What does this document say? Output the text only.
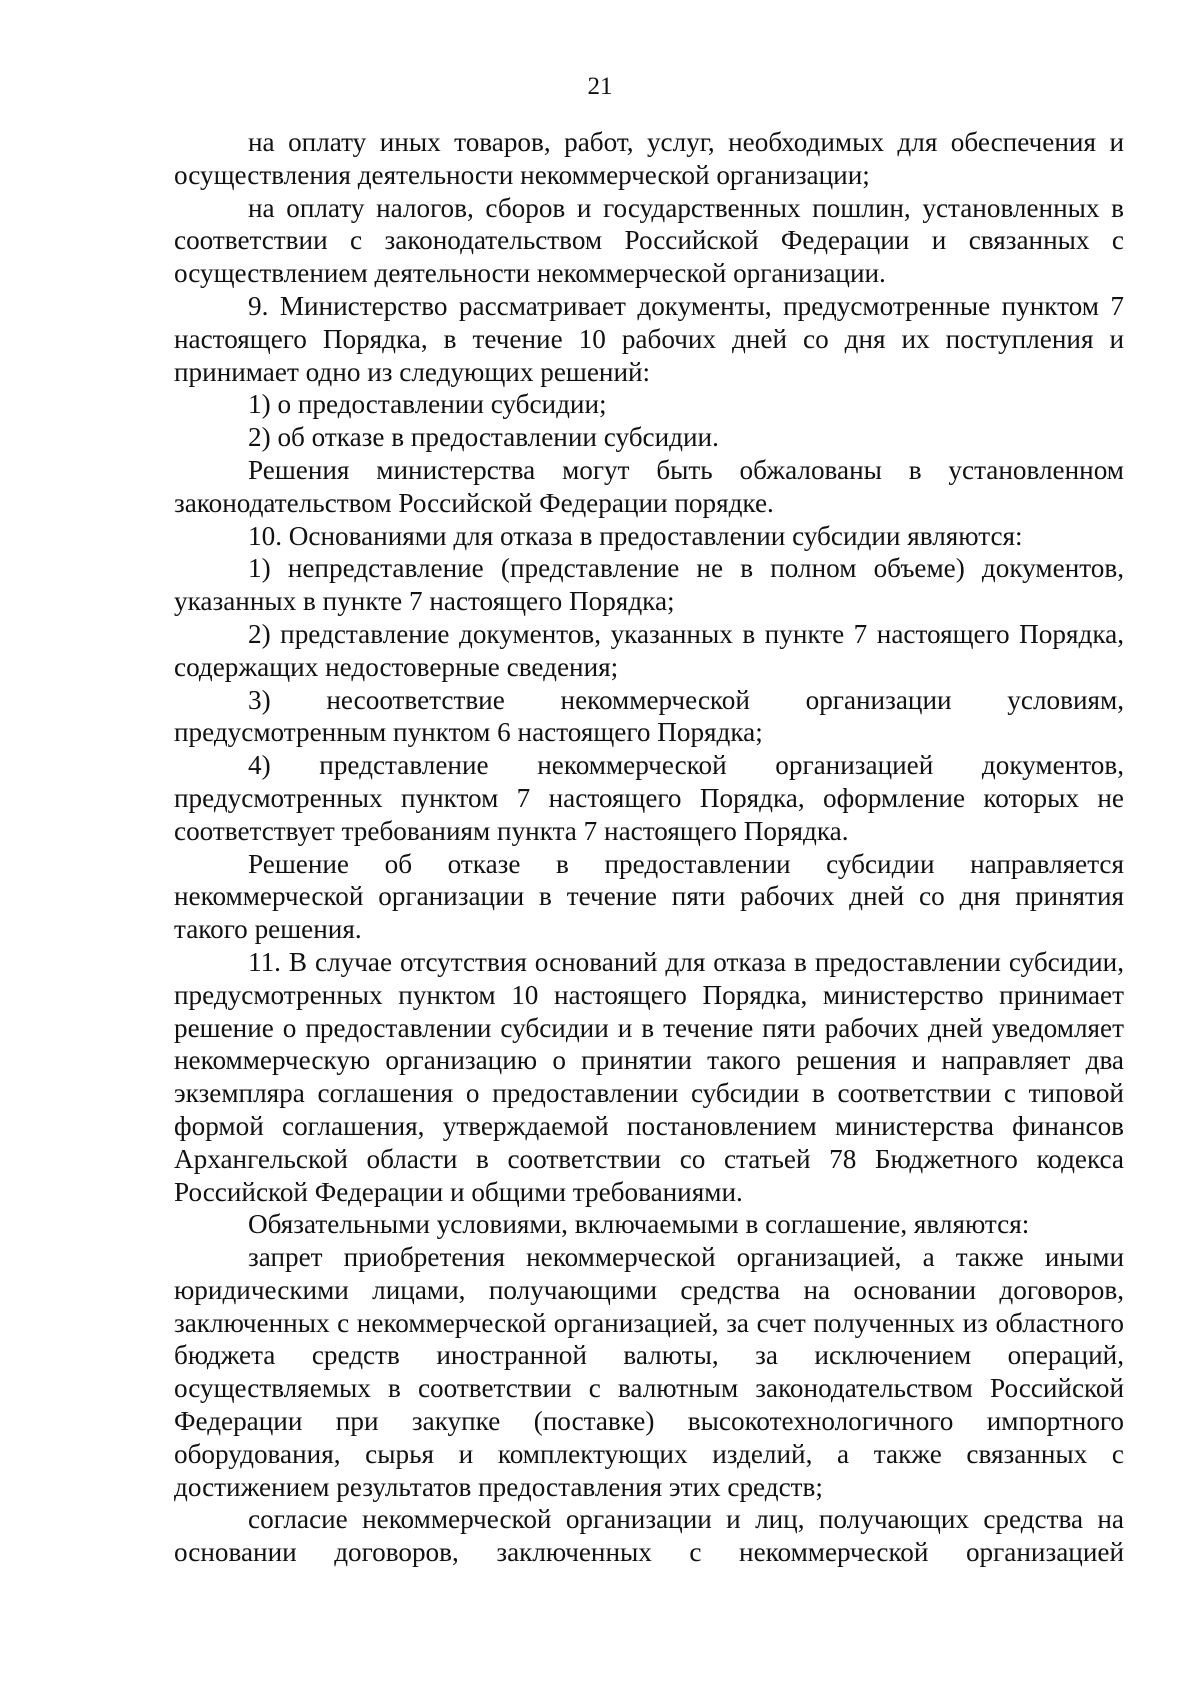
21

на оплату иных товаров, работ, услуг, необходимых для обеспечения и осуществления деятельности некоммерческой организации;

на оплату налогов, сборов и государственных пошлин, установленных в соответствии с законодательством Российской Федерации и связанных с осуществлением деятельности некоммерческой организации.

9. Министерство рассматривает документы, предусмотренные пунктом 7 настоящего Порядка, в течение 10 рабочих дней со дня их поступления и принимает одно из следующих решений:

1) о предоставлении субсидии;

2) об отказе в предоставлении субсидии.

Решения министерства могут быть обжалованы в установленном законодательством Российской Федерации порядке.

10. Основаниями для отказа в предоставлении субсидии являются:

1) непредставление (представление не в полном объеме) документов, указанных в пункте 7 настоящего Порядка;

2) представление документов, указанных в пункте 7 настоящего Порядка, содержащих недостоверные сведения;

3) несоответствие некоммерческой организации условиям, предусмотренным пунктом 6 настоящего Порядка;

4) представление некоммерческой организацией документов, предусмотренных пунктом 7 настоящего Порядка, оформление которых не соответствует требованиям пункта 7 настоящего Порядка.

Решение об отказе в предоставлении субсидии направляется некоммерческой организации в течение пяти рабочих дней со дня принятия такого решения.

11. В случае отсутствия оснований для отказа в предоставлении субсидии, предусмотренных пунктом 10 настоящего Порядка, министерство принимает решение о предоставлении субсидии и в течение пяти рабочих дней уведомляет некоммерческую организацию о принятии такого решения и направляет два экземпляра соглашения о предоставлении субсидии в соответствии с типовой формой соглашения, утверждаемой постановлением министерства финансов Архангельской области в соответствии со статьей 78 Бюджетного кодекса Российской Федерации и общими требованиями.

Обязательными условиями, включаемыми в соглашение, являются:

запрет приобретения некоммерческой организацией, а также иными юридическими лицами, получающими средства на основании договоров, заключенных с некоммерческой организацией, за счет полученных из областного бюджета средств иностранной валюты, за исключением операций, осуществляемых в соответствии с валютным законодательством Российской Федерации при закупке (поставке) высокотехнологичного импортного оборудования, сырья и комплектующих изделий, а также связанных с достижением результатов предоставления этих средств;

согласие некоммерческой организации и лиц, получающих средства на основании договоров, заключенных с некоммерческой организацией
